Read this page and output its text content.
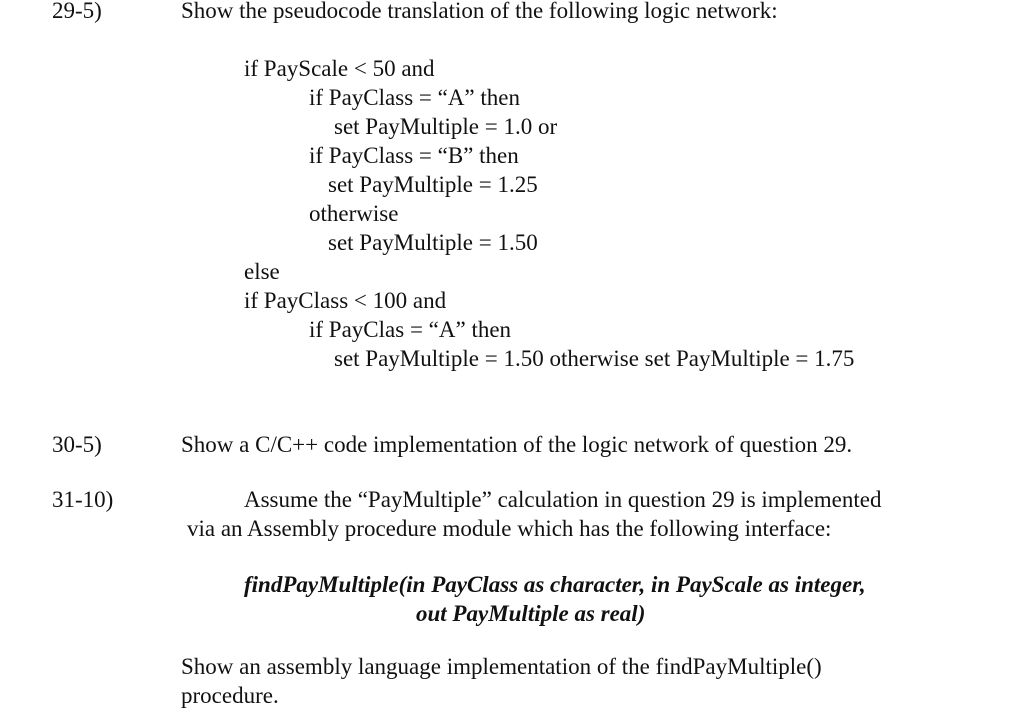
29-5)	Show the pseudocode translation of the following logic network:
if PayScale < 50 and
if PayClass = “A” then
set PayMultiple = 1.0 or
if PayClass = “B” then
set PayMultiple = 1.25
otherwise
set PayMultiple = 1.50
else
if PayClass < 100 and
if PayClas = “A” then
set PayMultiple = 1.50 otherwise set PayMultiple = 1.75
30-5)	Show a C/C++ code implementation of the logic network of question 29.
31-10)	Assume the “PayMultiple” calculation in question 29 is implemented
via an Assembly procedure module which has the following interface:
findPayMultiple(in PayClass as character, in PayScale as integer,
out PayMultiple as real)
Show an assembly language implementation of the findPayMultiple()
procedure.
